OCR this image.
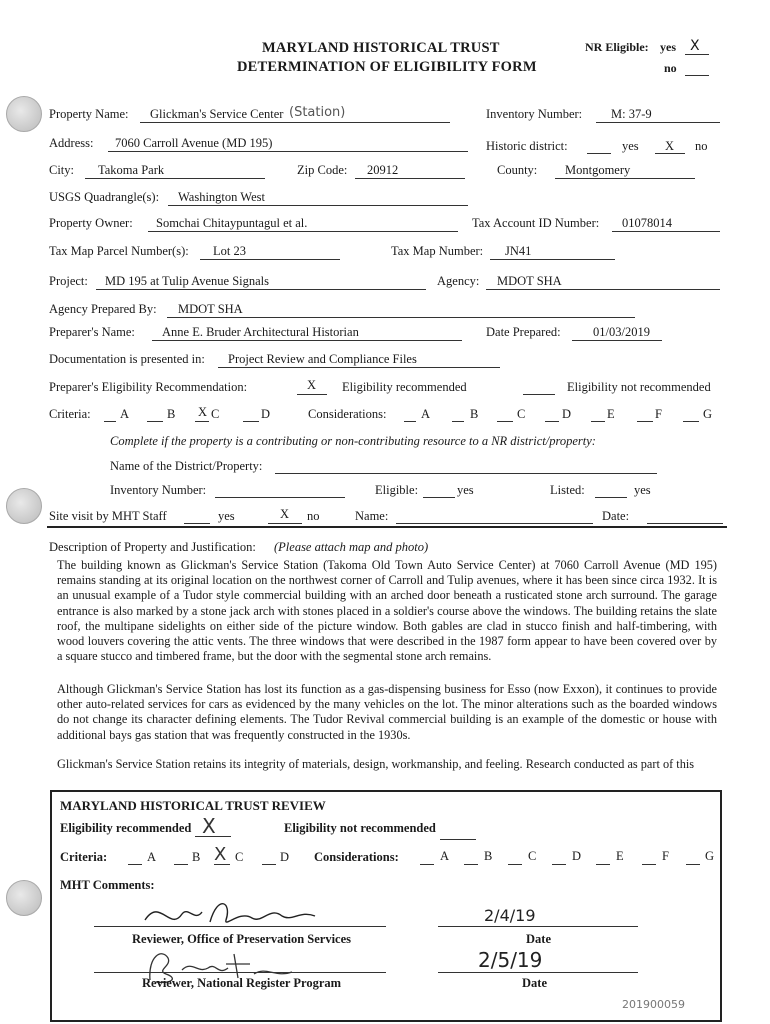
MARYLAND HISTORICAL TRUST
DETERMINATION OF ELIGIBILITY FORM
NR Eligible: yes X
no
Property Name: Glickman's Service Center (Station)	Inventory Number: M: 37-9
Address: 7060 Carroll Avenue (MD 195)	Historic district:	yes X no
City: Takoma Park	Zip Code: 20912	County: Montgomery
USGS Quadrangle(s): Washington West
Property Owner: Somchai Chitaypuntagul et al.	Tax Account ID Number: 01078014
Tax Map Parcel Number(s): Lot 23	Tax Map Number: JN41
Project: MD 195 at Tulip Avenue Signals	Agency: MDOT SHA
Agency Prepared By: MDOT SHA
Preparer's Name: Anne E. Bruder Architectural Historian	Date Prepared:	01/03/2019
Documentation is presented in: Project Review and Compliance Files
Preparer's Eligibility Recommendation:	X Eligibility recommended	Eligibility not recommended
Criteria: A	B X C	D	Considerations:	A	B	C	D	E	F	G
Complete if the property is a contributing or non-contributing resource to a NR district/property:
Name of the District/Property:
Inventory Number:	Eligible:	yes	Listed:	yes
Site visit by MHT Staff	yes	X no	Name:	Date:
Description of Property and Justification: (Please attach map and photo)
The building known as Glickman's Service Station (Takoma Old Town Auto Service Center) at 7060 Carroll Avenue (MD 195) remains standing at its original location on the northwest corner of Carroll and Tulip avenues, where it has been since circa 1932. It is an unusual example of a Tudor style commercial building with an arched door beneath a rusticated stone arch surround. The garage entrance is also marked by a stone jack arch with stones placed in a soldier's course above the windows. The building retains the slate roof, the multipane sidelights on either side of the picture window. Both gables are clad in stucco finish and half-timbering, with wood louvers covering the attic vents. The three windows that were described in the 1987 form appear to have been covered over by a square stucco and timbered frame, but the door with the segmental stone arch remains.
Although Glickman's Service Station has lost its function as a gas-dispensing business for Esso (now Exxon), it continues to provide other auto-related services for cars as evidenced by the many vehicles on the lot. The minor alterations such as the boarded windows do not change its character defining elements. The Tudor Revival commercial building is an example of the domestic or house with additional bays gas station that was frequently constructed in the 1930s.
Glickman's Service Station retains its integrity of materials, design, workmanship, and feeling. Research conducted as part of this
MARYLAND HISTORICAL TRUST REVIEW
Eligibility recommended X	Eligibility not recommended
Criteria:	A	B X C	D Considerations:	A	B	C	D	E	F	G
MHT Comments:
Reviewer, Office of Preservation Services
2/4/19
Date
Reviewer, National Register Program
2/5/19
Date
201900059
